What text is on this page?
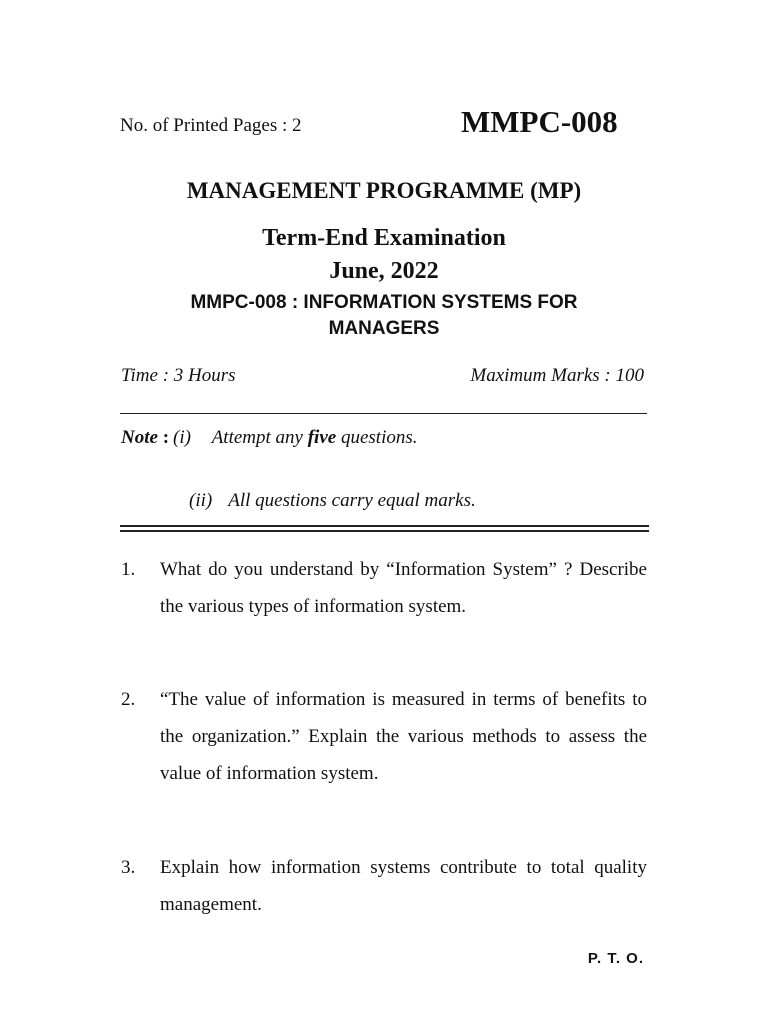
No. of Printed Pages : 2	MMPC-008
MANAGEMENT PROGRAMME (MP)
Term-End Examination
June, 2022
MMPC-008 : INFORMATION SYSTEMS FOR
MANAGERS
Time : 3 Hours	Maximum Marks : 100
Note : (i) Attempt any five questions.
(ii) All questions carry equal marks.
1.	What do you understand by “Information System” ? Describe the various types of information system.
2.	“The value of information is measured in terms of benefits to the organization.” Explain the various methods to assess the value of information system.
3.	Explain how information systems contribute to total quality management.
P. T. O.
